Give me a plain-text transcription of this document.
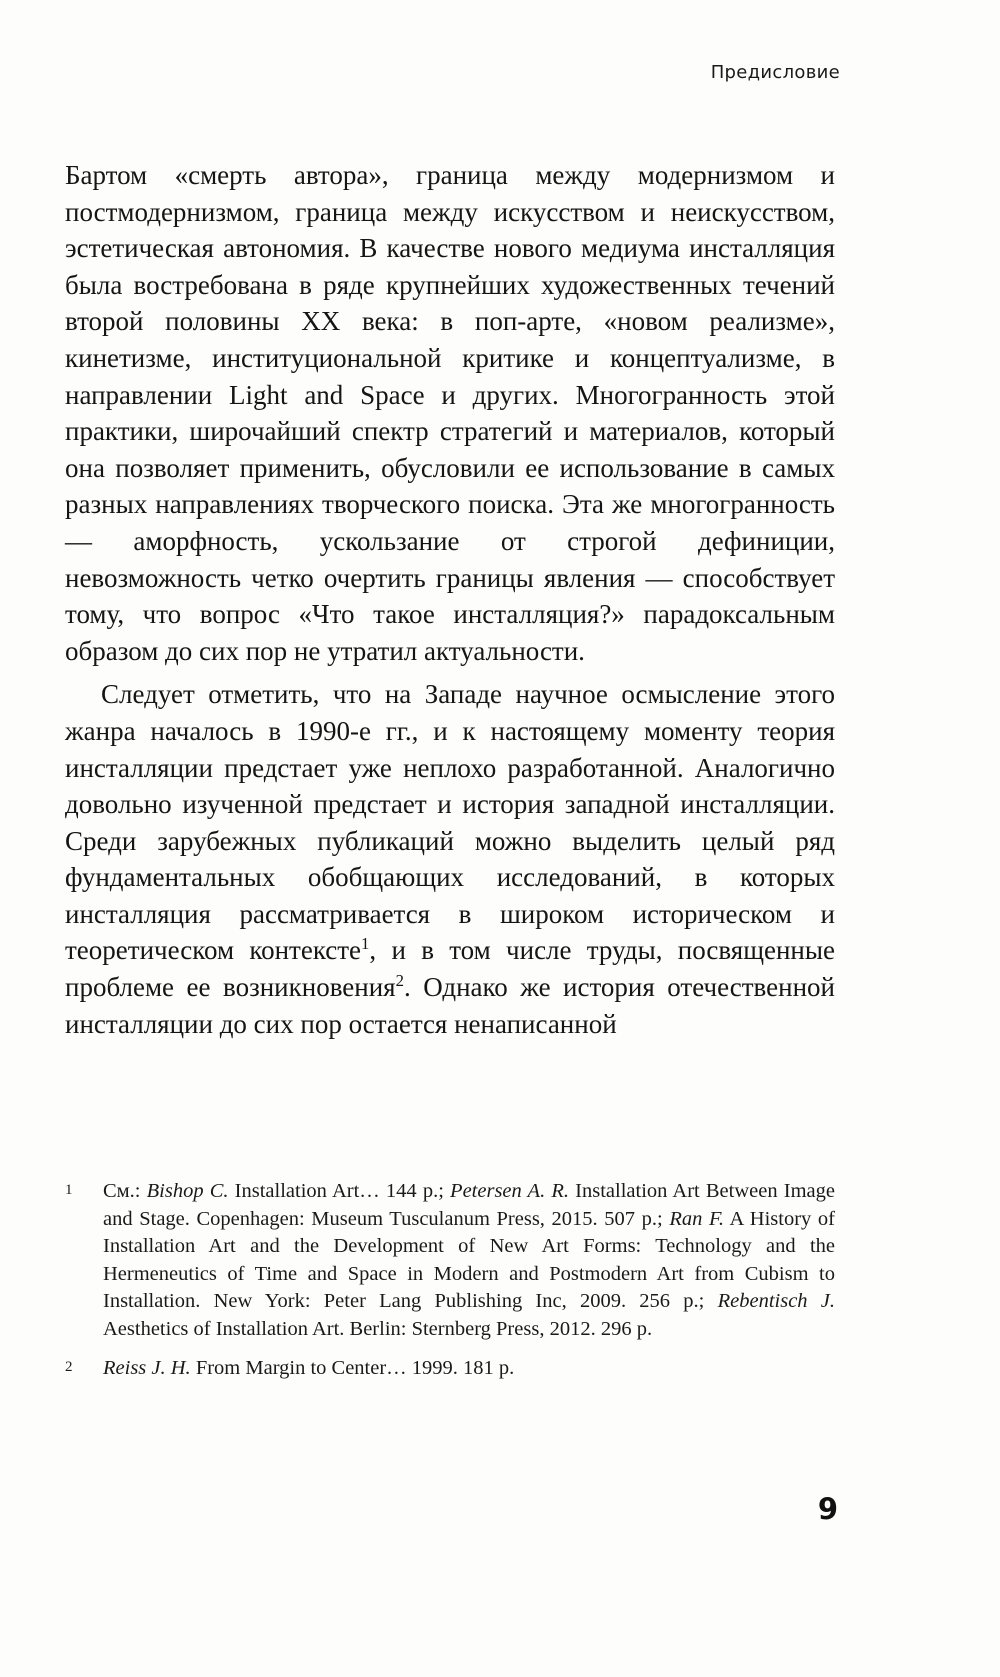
Предисловие

Бартом «смерть автора», граница между модернизмом и постмодернизмом, граница между искусством и неискусством, эстетическая автономия. В качестве нового медиума инсталляция была востребована в ряде крупнейших художественных течений второй половины XX века: в поп-арте, «новом реализме», кинетизме, институциональной критике и концептуализме, в направлении Light and Space и других. Многогранность этой практики, широчайший спектр стратегий и материалов, который она позволяет применить, обусловили ее использование в самых разных направлениях творческого поиска. Эта же многогранность — аморфность, ускользание от строгой дефиниции, невозможность четко очертить границы явления — способствует тому, что вопрос «Что такое инсталляция?» парадоксальным образом до сих пор не утратил актуальности.

Следует отметить, что на Западе научное осмысление этого жанра началось в 1990-е гг., и к настоящему моменту теория инсталляции предстает уже неплохо разработанной. Аналогично довольно изученной предстает и история западной инсталляции. Среди зарубежных публикаций можно выделить целый ряд фундаментальных обобщающих исследований, в которых инсталляция рассматривается в широком историческом и теоретическом контексте$^1$, и в том числе труды, посвященные проблеме ее возникновения$^2$. Однако же история отечественной инсталляции до сих пор остается ненаписанной

1	См.: Bishop C. Installation Art… 144 p.; Petersen A. R. Installation Art Between Image and Stage. Copenhagen: Museum Tusculanum Press, 2015. 507 p.; Ran F. A History of Installation Art and the Development of New Art Forms: Technology and the Hermeneutics of Time and Space in Modern and Postmodern Art from Cubism to Installation. New York: Peter Lang Publishing Inc, 2009. 256 p.; Rebentisch J. Aesthetics of Installation Art. Berlin: Sternberg Press, 2012. 296 p.
2	Reiss J. H. From Margin to Center… 1999. 181 p.
9
